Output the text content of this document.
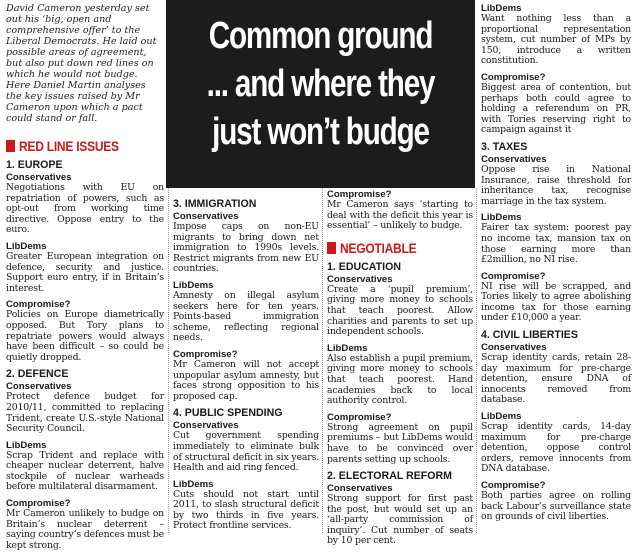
Common ground
... and where they
just won’t budge

David Cameron yesterday set out his ‘big, open and comprehensive offer’ to the Liberal Democrats. He laid out possible areas of agreement, but also put down red lines on which he would not budge. Here Daniel Martin analyses the key issues raised by Mr Cameron upon which a pact could stand or fall.

RED LINE ISSUES
1. EUROPE
Conservatives

Negotiations with EU on repatriation of powers, such as opt-out from working time directive. Oppose entry to the euro.

LibDems

Greater European integration on defence, security and justice. Support euro entry, if in Britain’s interest.

Compromise?

Policies on Europe diametrically opposed. But Tory plans to repatriate powers would always have been difficult – so could be quietly dropped.

2. DEFENCE
Conservatives

Protect defence budget for 2010/11, committed to replacing Trident, create U.S.-style National Security Council.

LibDems

Scrap Trident and replace with cheaper nuclear deterrent, halve stockpile of nuclear warheads before multilateral disarmament.

Compromise?

Mr Cameron unlikely to budge on Britain’s nuclear deterrent – saying country’s defences must be kept strong.

3. IMMIGRATION
Conservatives

Impose caps on non-EU migrants to bring down net immigration to 1990s levels. Restrict migrants from new EU countries.

LibDems

Amnesty on illegal asylum seekers here for ten years. Points-based immigration scheme, reflecting regional needs.

Compromise?

Mr Cameron will not accept unpopular asylum amnesty, but faces strong opposition to his proposed cap.

4. PUBLIC SPENDING
Conservatives

Cut government spending immediately to eliminate bulk of structural deficit in six years. Health and aid ring fenced.

LibDems

Cuts should not start until 2011, to slash structural deficit by two thirds in five years. Protect frontline services.

Compromise?

Mr Cameron says ‘starting to deal with the deficit this year is essential’ – unlikely to budge.

NEGOTIABLE
1. EDUCATION
Conservatives

Create a ‘pupil premium’, giving more money to schools that teach poorest. Allow charities and parents to set up independent schools.

LibDems

Also establish a pupil premium, giving more money to schools that teach poorest. Hand academies back to local authority control.

Compromise?

Strong agreement on pupil premiums – but LibDems would have to be convinced over parents setting up schools.

2. ELECTORAL REFORM
Conservatives

Strong support for first past the post, but would set up an ‘all-party commission of inquiry’. Cut number of seats by 10 per cent.

LibDems

Want nothing less than a proportional representation system, cut number of MPs by 150, introduce a written constitution.

Compromise?

Biggest area of contention, but perhaps both could agree to holding a referendum on PR, with Tories reserving right to campaign against it

3. TAXES
Conservatives

Oppose rise in National Insurance, raise threshold for inheritance tax, recognise marriage in the tax system.

LibDems

Fairer tax system: poorest pay no income tax, mansion tax on those earning more than £2million, no NI rise.

Compromise?

NI rise will be scrapped, and Tories likely to agree abolishing income tax for those earning under £10,000 a year.

4. CIVIL LIBERTIES
Conservatives

Scrap identity cards, retain 28-day maximum for pre-charge detention, ensure DNA of innocents removed from database.

LibDems

Scrap identity cards, 14-day maximum for pre-charge detention, oppose control orders, remove innocents from DNA database.

Compromise?

Both parties agree on rolling back Labour’s surveillance state on grounds of civil liberties.
